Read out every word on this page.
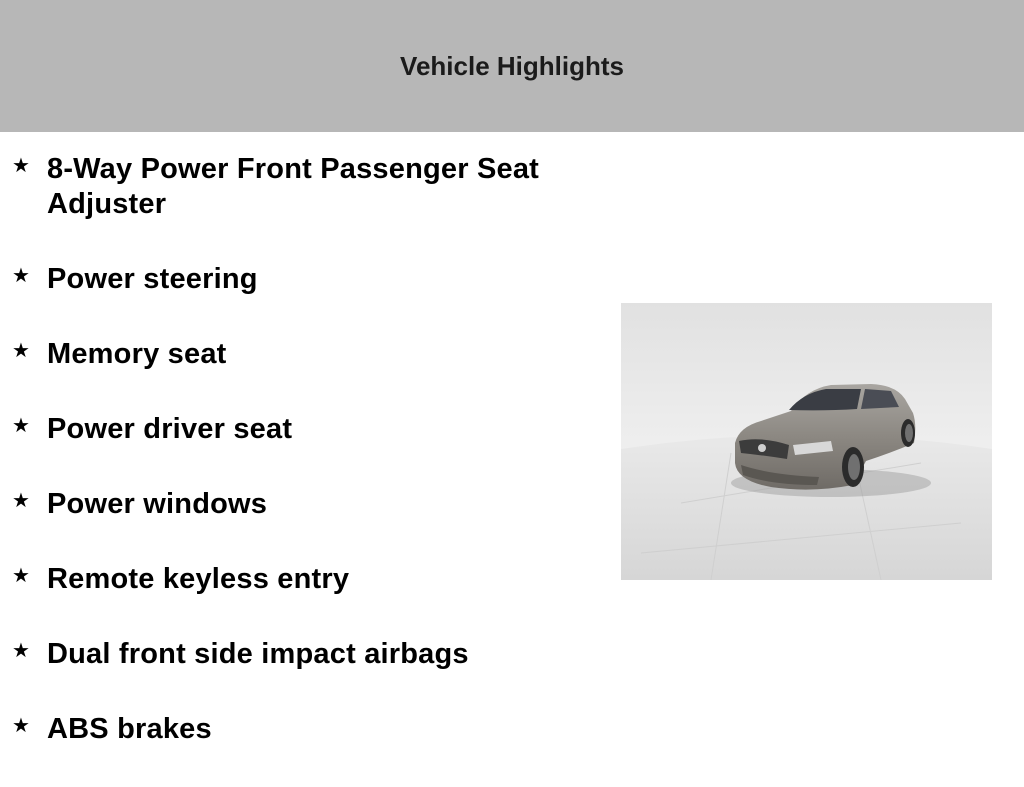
Vehicle Highlights
★ 8-Way Power Front Passenger Seat Adjuster
★ Power steering
★ Memory seat
★ Power driver seat
★ Power windows
★ Remote keyless entry
★ Dual front side impact airbags
★ ABS brakes
